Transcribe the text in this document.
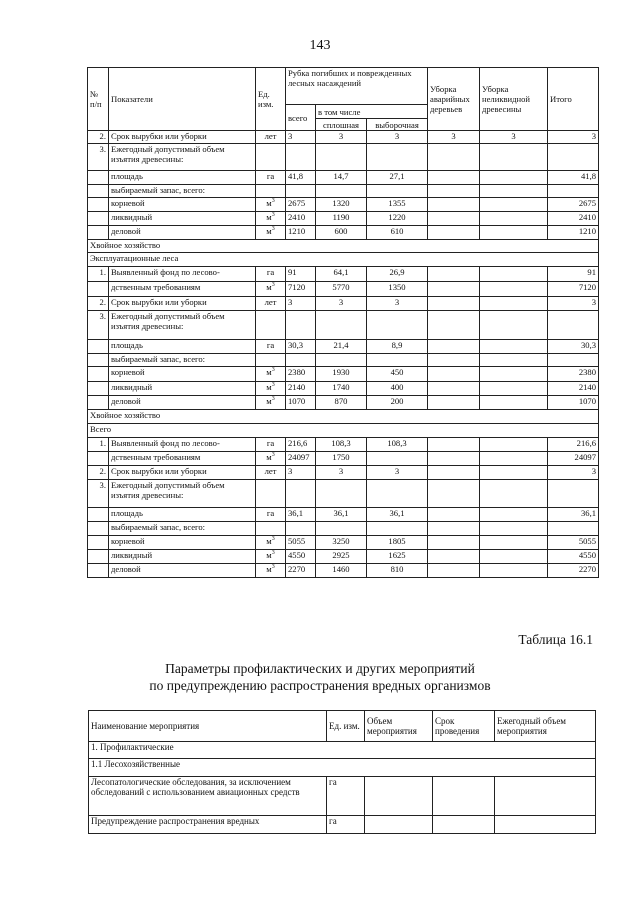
143
№ п/п	Показатели	Ед. изм.	Рубка погибших и поврежденных лесных насаждений			Уборка аварийных деревьев	Уборка неликвидной древесины	Итого
			всего	в том числе				
				сплошная	выборочная			
2.	Срок вырубки или уборки	лет	3	3	3	3	3	3
3.	Ежегодный допустимый объем изъятия древесины:							
	площадь	га	41,8	14,7	27,1			41,8
	выбираемый запас, всего:							
	корневой	$м^3$	2675	1320	1355			2675
	ликвидный	$м^3$	2410	1190	1220			2410
	деловой	$м^3$	1210	600	610			1210
Хвойное хозяйство								
Эксплуатационные леса								
1.	Выявленный фонд по лесово-	га	91	64,1	26,9			91
	дственным требованиям	$м^3$	7120	5770	1350			7120
2.	Срок вырубки или уборки	лет	3	3	3			3
3.	Ежегодный допустимый объем изъятия древесины:							
	площадь	га	30,3	21,4	8,9			30,3
	выбираемый запас, всего:							
	корневой	$м^3$	2380	1930	450			2380
	ликвидный	$м^3$	2140	1740	400			2140
	деловой	$м^3$	1070	870	200			1070
Хвойное хозяйство								
Всего								
1.	Выявленный фонд по лесово-	га	216,6	108,3	108,3			216,6
	дственным требованиям	$м^3$	24097	1750				24097
2.	Срок вырубки или уборки	лет	3	3	3			3
3.	Ежегодный допустимый объем изъятия древесины:							
	площадь	га	36,1	36,1	36,1			36,1
	выбираемый запас, всего:							
	корневой	$м^3$	5055	3250	1805			5055
	ликвидный	$м^3$	4550	2925	1625			4550
	деловой	$м^3$	2270	1460	810			2270
Таблица 16.1
Параметры профилактических и других мероприятий
по предупреждению распространения вредных организмов
Наименование мероприятия	Ед. изм.	Объем мероприятия	Срок проведения	Ежегодный объем мероприятия
1. Профилактические				
1.1 Лесохозяйственные				
Лесопатологические обследования, за исключением обследований с использованием авиационных средств	га			
Предупреждение распространения вредных	га			
